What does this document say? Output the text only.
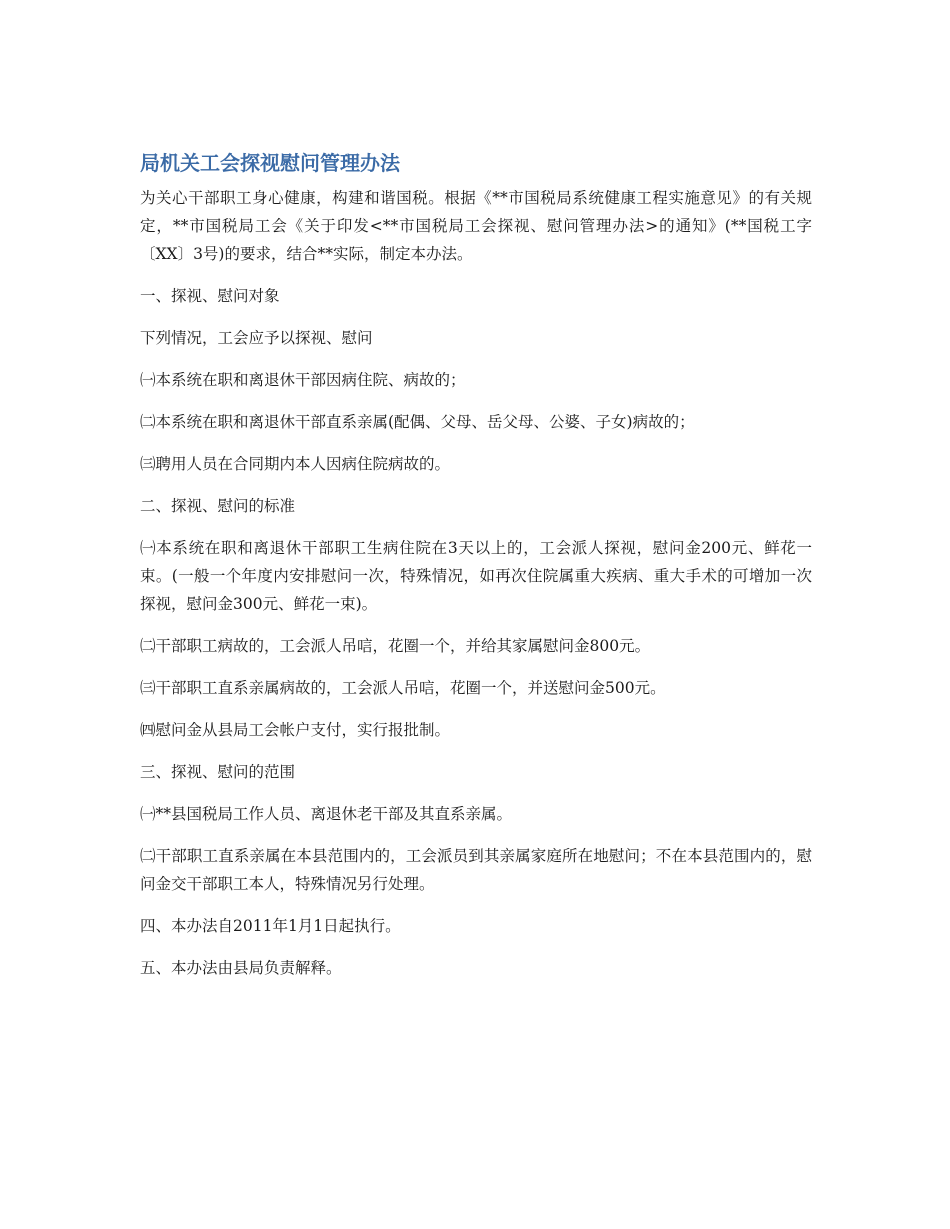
局机关工会探视慰问管理办法

为关心干部职工身心健康，构建和谐国税。根据《**市国税局系统健康工程实施意见》的有关规定，**市国税局工会《关于印发<**市国税局工会探视、慰问管理办法>的通知》(**国税工字〔XX〕3号)的要求，结合**实际，制定本办法。

一、探视、慰问对象

下列情况，工会应予以探视、慰问

㈠本系统在职和离退休干部因病住院、病故的；

㈡本系统在职和离退休干部直系亲属(配偶、父母、岳父母、公婆、子女)病故的；

㈢聘用人员在合同期内本人因病住院病故的。

二、探视、慰问的标准

㈠本系统在职和离退休干部职工生病住院在3天以上的，工会派人探视，慰问金200元、鲜花一束。(一般一个年度内安排慰问一次，特殊情况，如再次住院属重大疾病、重大手术的可增加一次探视，慰问金300元、鲜花一束)。

㈡干部职工病故的，工会派人吊唁，花圈一个，并给其家属慰问金800元。

㈢干部职工直系亲属病故的，工会派人吊唁，花圈一个，并送慰问金500元。

㈣慰问金从县局工会帐户支付，实行报批制。

三、探视、慰问的范围

㈠**县国税局工作人员、离退休老干部及其直系亲属。

㈡干部职工直系亲属在本县范围内的，工会派员到其亲属家庭所在地慰问；不在本县范围内的，慰问金交干部职工本人，特殊情况另行处理。

四、本办法自2011年1月1日起执行。

五、本办法由县局负责解释。
